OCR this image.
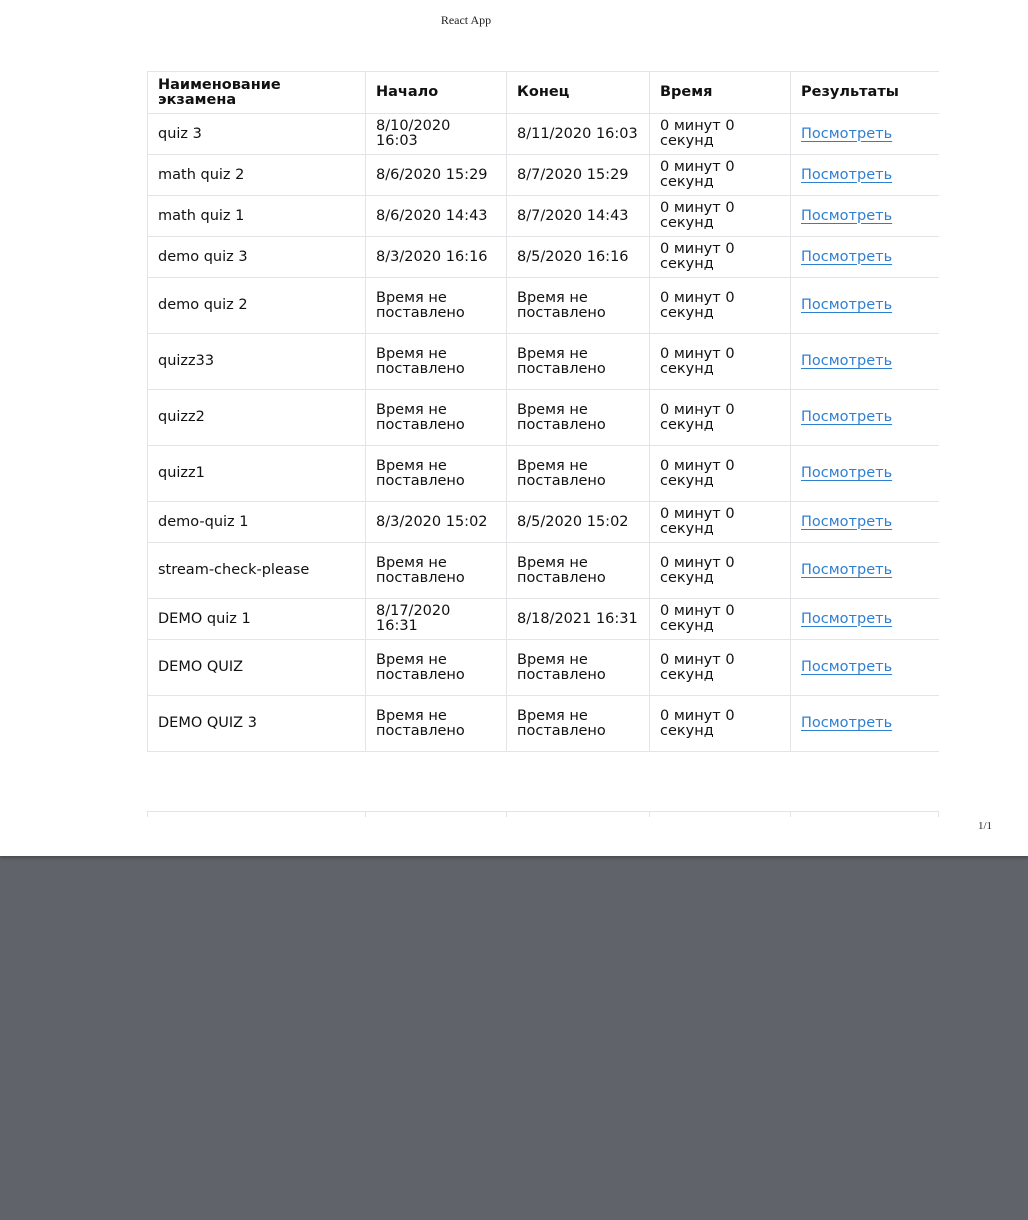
React App
Наименование экзамена	Начало	Конец	Время	Результаты
quiz 3	8/10/2020 16:03	8/11/2020 16:03	0 минут 0 секунд	Посмотреть
math quiz 2	8/6/2020 15:29	8/7/2020 15:29	0 минут 0 секунд	Посмотреть
math quiz 1	8/6/2020 14:43	8/7/2020 14:43	0 минут 0 секунд	Посмотреть
demo quiz 3	8/3/2020 16:16	8/5/2020 16:16	0 минут 0 секунд	Посмотреть
demo quiz 2	Время не поставлено	Время не поставлено	0 минут 0 секунд	Посмотреть
quizz33	Время не поставлено	Время не поставлено	0 минут 0 секунд	Посмотреть
quizz2	Время не поставлено	Время не поставлено	0 минут 0 секунд	Посмотреть
quizz1	Время не поставлено	Время не поставлено	0 минут 0 секунд	Посмотреть
demo-quiz 1	8/3/2020 15:02	8/5/2020 15:02	0 минут 0 секунд	Посмотреть
stream-check-please	Время не поставлено	Время не поставлено	0 минут 0 секунд	Посмотреть
DEMO quiz 1	8/17/2020 16:31	8/18/2021 16:31	0 минут 0 секунд	Посмотреть
DEMO QUIZ	Время не поставлено	Время не поставлено	0 минут 0 секунд	Посмотреть
DEMO QUIZ 3	Время не поставлено	Время не поставлено	0 минут 0 секунд	Посмотреть
1/1
